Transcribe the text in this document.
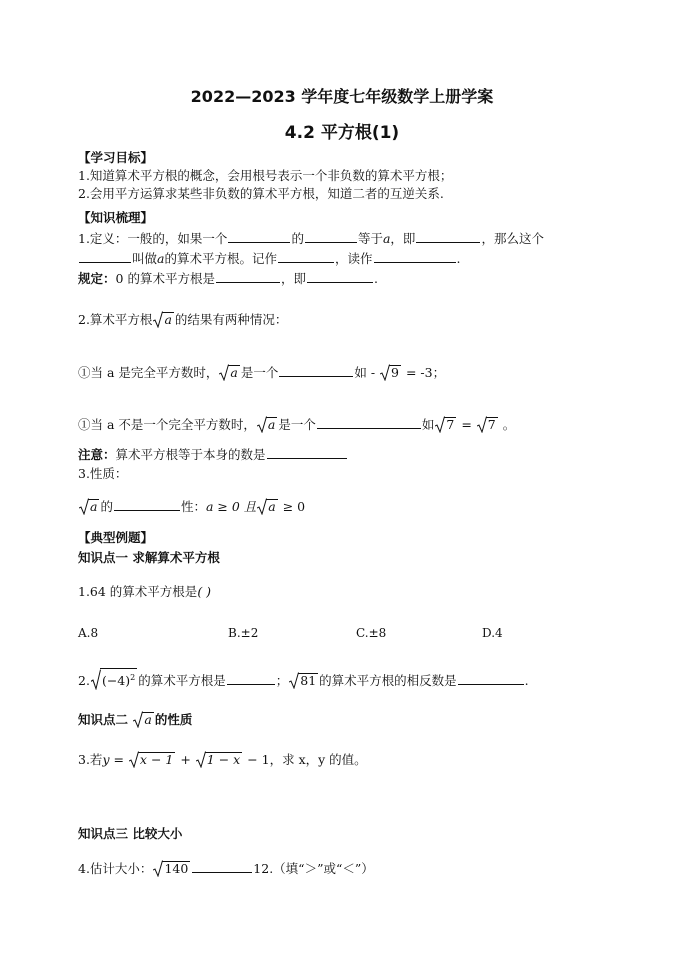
2022—2023 学年度七年级数学上册学案
4.2 平方根(1)
【学习目标】
1.知道算术平方根的概念，会用根号表示一个非负数的算术平方根；
2.会用平方运算求某些非负数的算术平方根，知道二者的互逆关系.
【知识梳理】
1.定义：一般的，如果一个	的	等于a，即	，那么这个
叫做a的算术平方根。记作	，读作	.
规定：0 的算术平方根是	，即	.
2.算术平方根 a 的结果有两种情况：
①当 a 是完全平方数时， a 是一个	如 -
9 = -3；
①当 a 不是一个完全平方数时， a 是一个	如 7 =
7 。
注意：算术平方根等于本身的数是
3.性质：
a 的	性：a ≥ 0 且 a ≥ 0
【典型例题】
知识点一 求解算术平方根
1.64 的算术平方根是( )
A.8	B.±2	C.±8	D.4
2. $(-4)^2$ 的算术平方根是	； 81 的算术平方根的相反数是	.
知识点二
a 的性质
3.若y =
x − 1 +
1 − x − 1，求 x，y 的值。
知识点三 比较大小
4.估计大小： 140	12.（填“＞”或“＜”）
